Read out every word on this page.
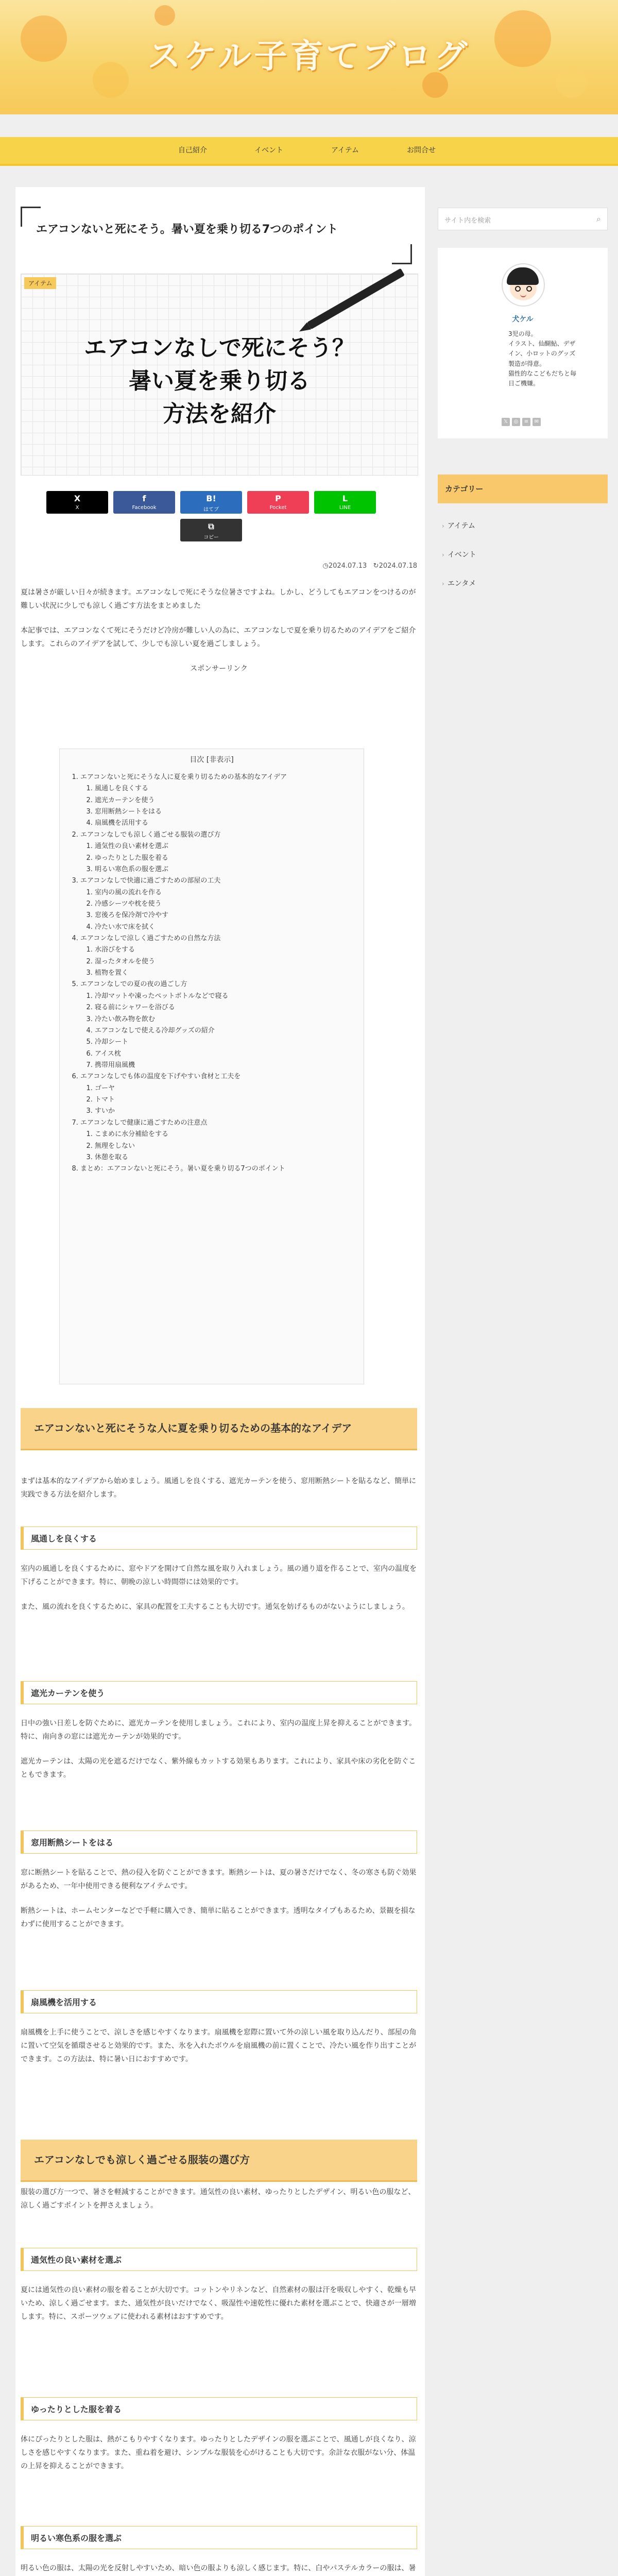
スケル子育てブログ
自己紹介	イベント	アイテム	お問合せ
エアコンないと死にそう。暑い夏を乗り切る7つのポイント
アイテム
エアコンなしで死にそう？
暑い夏を乗り切る
方法を紹介
X
X
f
Facebook
B!
はてブ
P
Pocket
L
LINE
⧉
コピー
◷2024.07.13 ↻2024.07.18

夏は暑さが厳しい日々が続きます。エアコンなしで死にそうな位暑さですよね。しかし、どうしてもエアコンをつけるのが難しい状況に少しでも涼しく過ごす方法をまとめました

本記事では、エアコンなくて死にそうだけど冷房が難しい人の為に、エアコンなしで夏を乗り切るためのアイデアをご紹介します。これらのアイデアを試して、少しでも涼しい夏を過ごしましょう。

スポンサーリンク

目次 [非表示]
1. エアコンないと死にそうな人に夏を乗り切るための基本的なアイデア
1. 風通しを良くする
2. 遮光カーテンを使う
3. 窓用断熱シートをはる
4. 扇風機を活用する
2. エアコンなしでも涼しく過ごせる服装の選び方
1. 通気性の良い素材を選ぶ
2. ゆったりとした服を着る
3. 明るい寒色系の服を選ぶ
3. エアコンなしで快適に過ごすための部屋の工夫
1. 室内の風の流れを作る
2. 冷感シーツや枕を使う
3. 窓後ろを保冷剤で冷やす
4. 冷たい水で床を拭く
4. エアコンなしで涼しく過ごすための自然な方法
1. 水浴びをする
2. 湿ったタオルを使う
3. 植物を置く
5. エアコンなしでの夏の夜の過ごし方
1. 冷却マットや凍ったペットボトルなどで寝る
2. 寝る前にシャワーを浴びる
3. 冷たい飲み物を飲む
4. エアコンなしで使える冷却グッズの紹介
5. 冷却シート
6. アイス枕
7. 携帯用扇風機
6. エアコンなしでも体の温度を下げやすい食材と工夫を
1. ゴーヤ
2. トマト
3. すいか
7. エアコンなしで健康に過ごすための注意点
1. こまめに水分補給をする
2. 無理をしない
3. 休憩を取る
8. まとめ：エアコンないと死にそう。暑い夏を乗り切る7つのポイント
エアコンないと死にそうな人に夏を乗り切るための基本的なアイデア

まずは基本的なアイデアから始めましょう。風通しを良くする、遮光カーテンを使う、窓用断熱シートを貼るなど、簡単に実践できる方法を紹介します。

風通しを良くする

室内の風通しを良くするために、窓やドアを開けて自然な風を取り入れましょう。風の通り道を作ることで、室内の温度を下げることができます。特に、朝晩の涼しい時間帯には効果的です。

また、風の流れを良くするために、家具の配置を工夫することも大切です。通気を妨げるものがないようにしましょう。

遮光カーテンを使う

日中の強い日差しを防ぐために、遮光カーテンを使用しましょう。これにより、室内の温度上昇を抑えることができます。特に、南向きの窓には遮光カーテンが効果的です。

遮光カーテンは、太陽の光を遮るだけでなく、紫外線もカットする効果もあります。これにより、家具や床の劣化を防ぐこともできます。

窓用断熱シートをはる

窓に断熱シートを貼ることで、熱の侵入を防ぐことができます。断熱シートは、夏の暑さだけでなく、冬の寒さも防ぐ効果があるため、一年中使用できる便利なアイテムです。

断熱シートは、ホームセンターなどで手軽に購入でき、簡単に貼ることができます。透明なタイプもあるため、景観を損なわずに使用することができます。

扇風機を活用する

扇風機を上手に使うことで、涼しさを感じやすくなります。扇風機を窓際に置いて外の涼しい風を取り込んだり、部屋の角に置いて空気を循環させると効果的です。また、氷を入れたボウルを扇風機の前に置くことで、冷たい風を作り出すことができます。この方法は、特に暑い日におすすめです。

エアコンなしでも涼しく過ごせる服装の選び方

服装の選び方一つで、暑さを軽減することができます。通気性の良い素材、ゆったりとしたデザイン、明るい色の服など、涼しく過ごすポイントを押さえましょう。

通気性の良い素材を選ぶ

夏には通気性の良い素材の服を着ることが大切です。コットンやリネンなど、自然素材の服は汗を吸収しやすく、乾燥も早いため、涼しく過ごせます。また、通気性が良いだけでなく、吸湿性や速乾性に優れた素材を選ぶことで、快適さが一層増します。特に、スポーツウェアに使われる素材はおすすめです。

ゆったりとした服を着る

体にぴったりとした服は、熱がこもりやすくなります。ゆったりとしたデザインの服を選ぶことで、風通しが良くなり、涼しさを感じやすくなります。また、重ね着を避け、シンプルな服装を心がけることも大切です。余計な衣服がない分、体温の上昇を抑えることができます。

明るい寒色系の服を選ぶ

明るい色の服は、太陽の光を反射しやすいため、暗い色の服よりも涼しく感じます。特に、白やパステルカラーの服は、暑

サイト内を検索	⌕
犬ケル
3児の母。
イラスト、仙醐鮎、デザイン、小ロットのグッズ製造が得意。
猫性的なこどもだちと毎日ご機嫌。
𝕏	◎	≡	✉
カテゴリー
› アイテム
› イベント
› エンタメ
